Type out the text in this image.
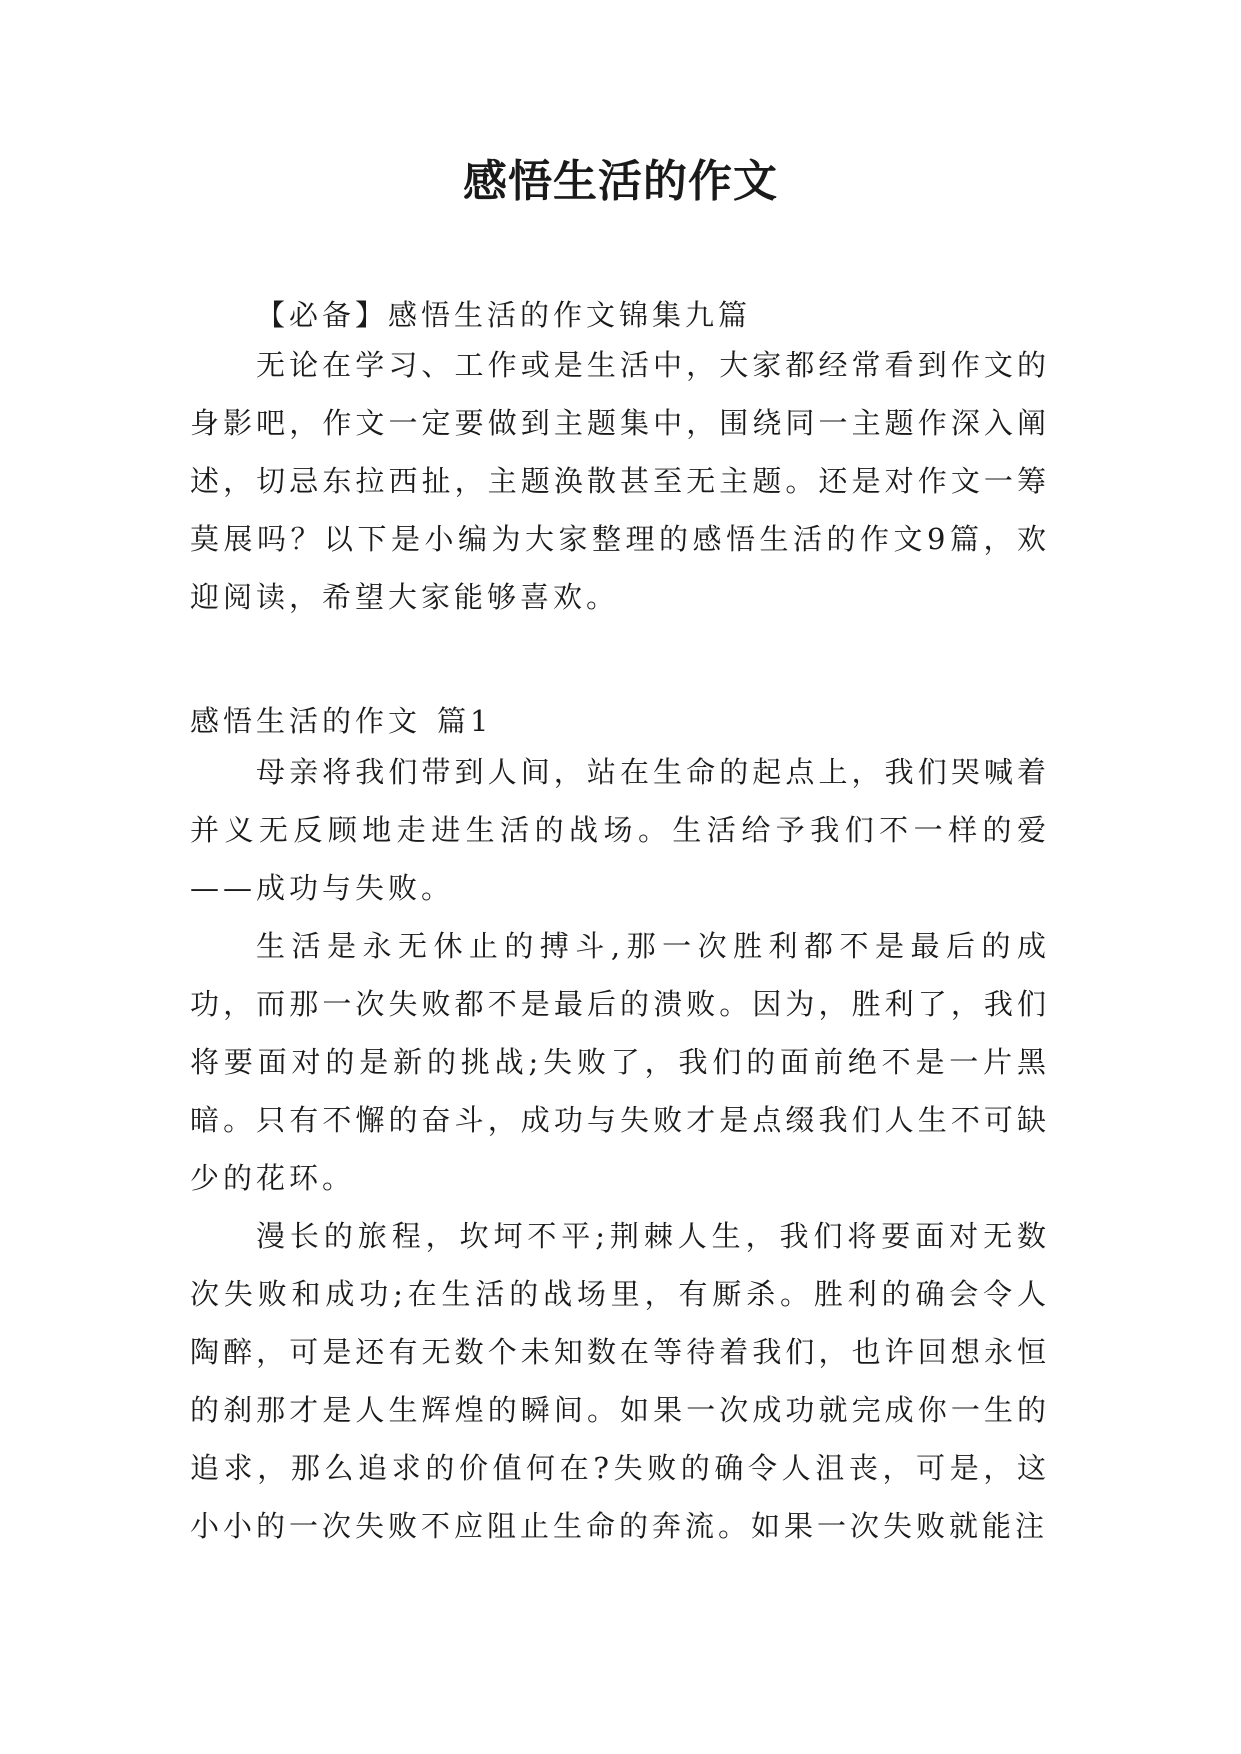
感悟生活的作文
【必备】感悟生活的作文锦集九篇

无论在学习、工作或是生活中，大家都经常看到作文的身影吧，作文一定要做到主题集中，围绕同一主题作深入阐述，切忌东拉西扯，主题涣散甚至无主题。还是对作文一筹莫展吗？以下是小编为大家整理的感悟生活的作文9篇，欢迎阅读，希望大家能够喜欢。

感悟生活的作文 篇1

母亲将我们带到人间，站在生命的起点上，我们哭喊着并义无反顾地走进生活的战场。生活给予我们不一样的爱——成功与失败。

生活是永无休止的搏斗,那一次胜利都不是最后的成功，而那一次失败都不是最后的溃败。因为，胜利了，我们将要面对的是新的挑战;失败了，我们的面前绝不是一片黑暗。只有不懈的奋斗，成功与失败才是点缀我们人生不可缺少的花环。

漫长的旅程，坎坷不平;荆棘人生，我们将要面对无数次失败和成功;在生活的战场里，有厮杀。胜利的确会令人陶醉，可是还有无数个未知数在等待着我们，也许回想永恒的刹那才是人生辉煌的瞬间。如果一次成功就完成你一生的追求，那么追求的价值何在?失败的确令人沮丧，可是，这小小的一次失败不应阻止生命的奔流。如果一次失败就能注
